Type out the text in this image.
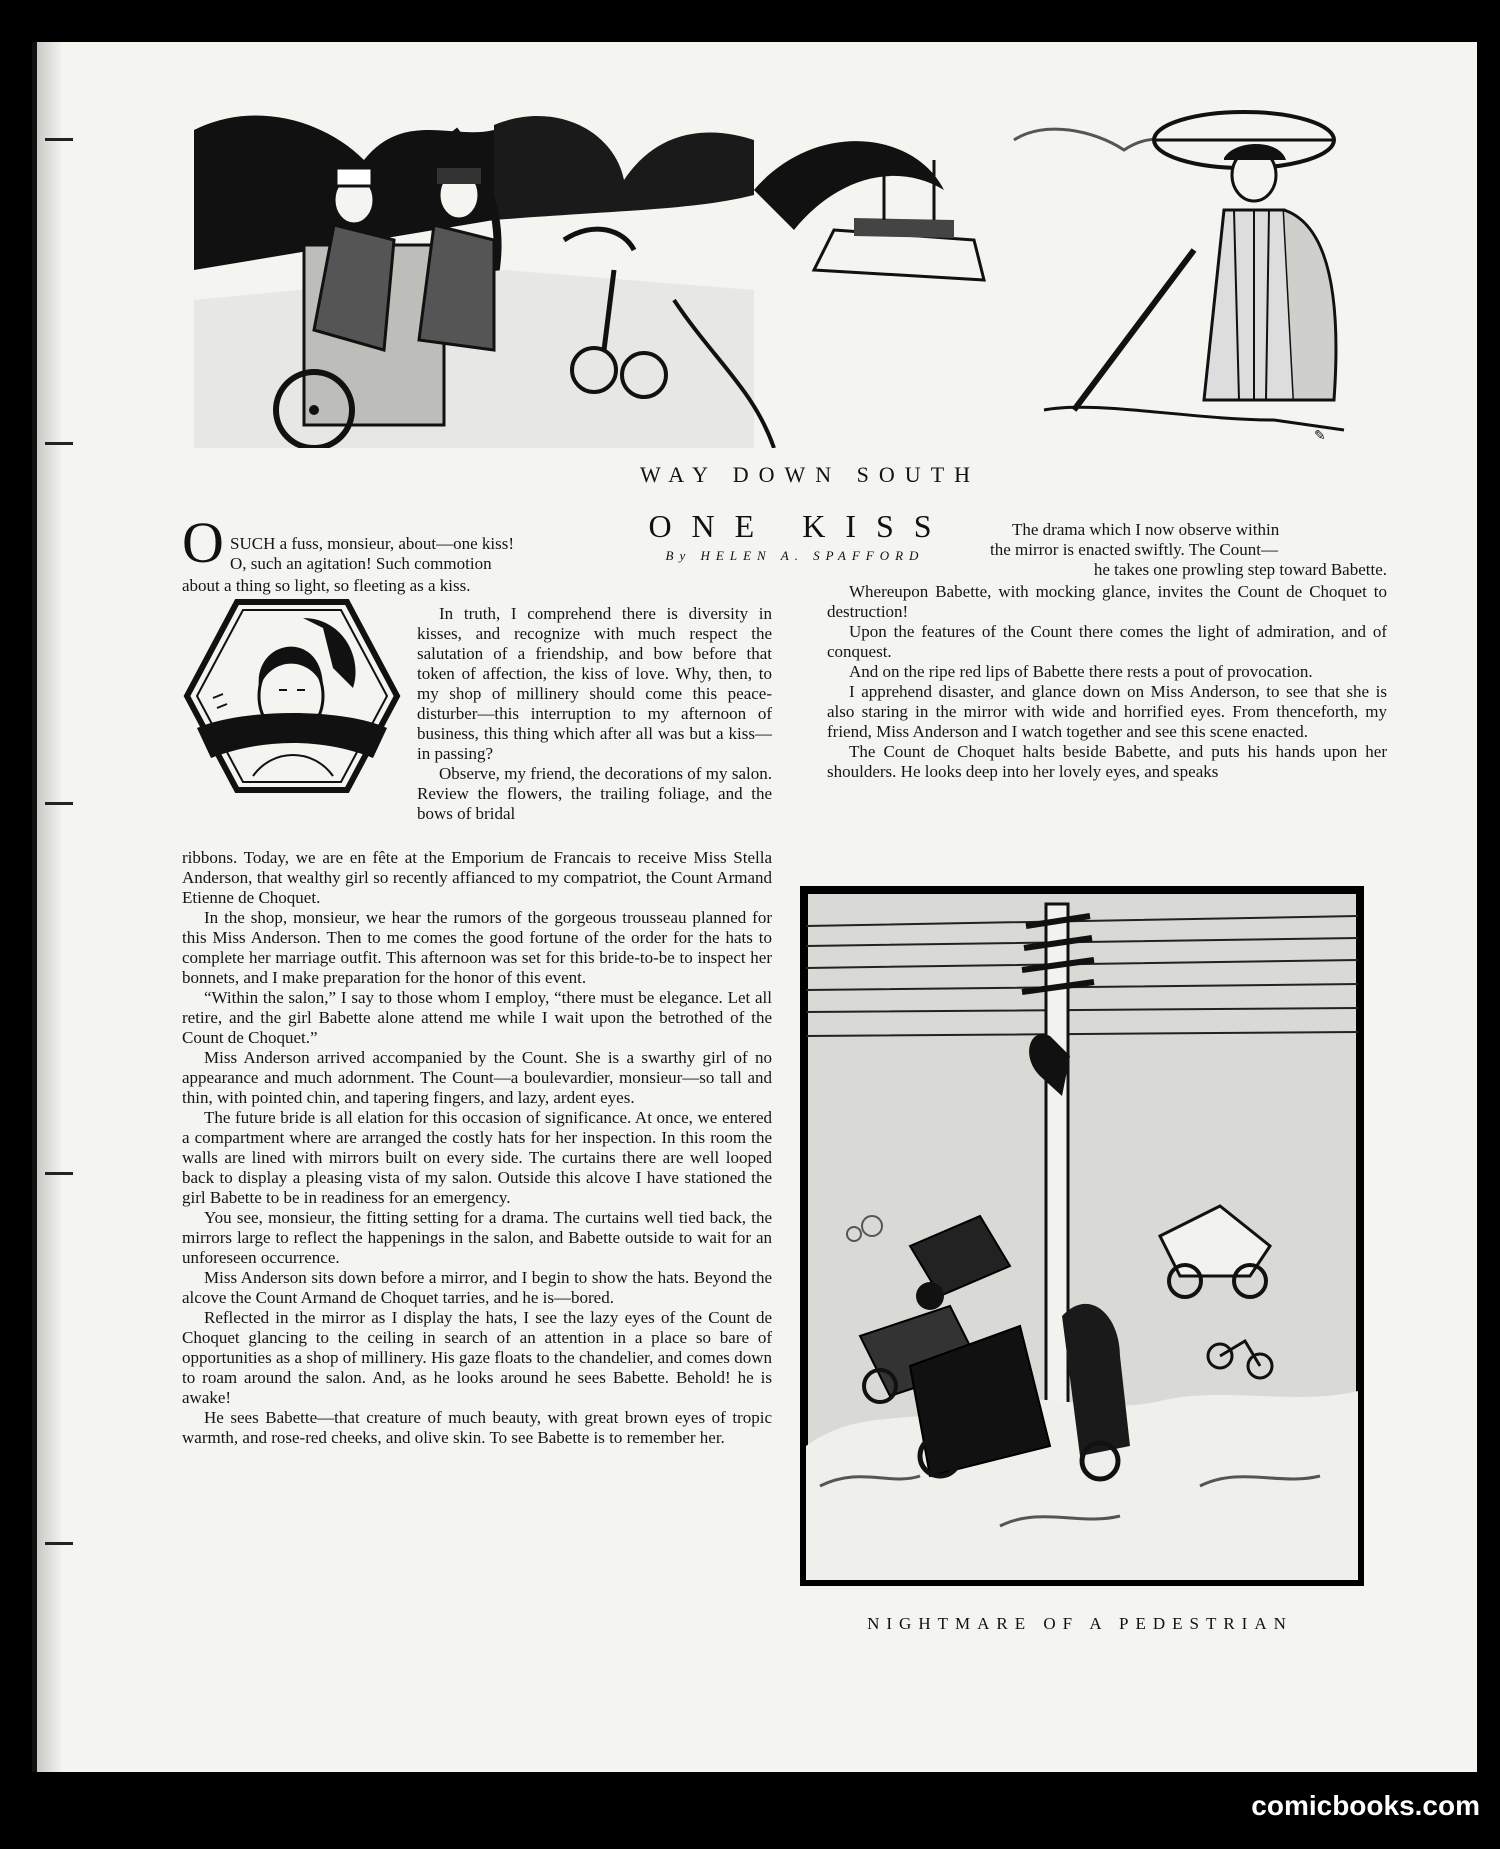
✎
WAY DOWN SOUTH
ONE KISS
By HELEN A. SPAFFORD
O SUCH a fuss, monsieur, about—one kiss!

O, such an agitation! Such commotion

about a thing so light, so fleeting as a kiss.

In truth, I comprehend there is diversity in kisses, and recognize with much respect the salutation of a friendship, and bow before that token of affection, the kiss of love. Why, then, to my shop of millinery should come this peace-disturber—this interruption to my afternoon of business, this thing which after all was but a kiss—in passing?

Observe, my friend, the decorations of my salon. Review the flowers, the trailing foliage, and the bows of bridal

ribbons. Today, we are en fête at the Emporium de Francais to receive Miss Stella Anderson, that wealthy girl so recently affianced to my compatriot, the Count Armand Etienne de Choquet.

In the shop, monsieur, we hear the rumors of the gorgeous trousseau planned for this Miss Anderson. Then to me comes the good fortune of the order for the hats to complete her marriage outfit. This afternoon was set for this bride-to-be to inspect her bonnets, and I make preparation for the honor of this event.

“Within the salon,” I say to those whom I employ, “there must be elegance. Let all retire, and the girl Babette alone attend me while I wait upon the betrothed of the Count de Choquet.”

Miss Anderson arrived accompanied by the Count. She is a swarthy girl of no appearance and much adornment. The Count—a boulevardier, monsieur—so tall and thin, with pointed chin, and tapering fingers, and lazy, ardent eyes.

The future bride is all elation for this occasion of significance. At once, we entered a compartment where are arranged the costly hats for her inspection. In this room the walls are lined with mirrors built on every side. The curtains there are well looped back to display a pleasing vista of my salon. Outside this alcove I have stationed the girl Babette to be in readiness for an emergency.

You see, monsieur, the fitting setting for a drama. The curtains well tied back, the mirrors large to reflect the happenings in the salon, and Babette outside to wait for an unforeseen occurrence.

Miss Anderson sits down before a mirror, and I begin to show the hats. Beyond the alcove the Count Armand de Choquet tarries, and he is—bored.

Reflected in the mirror as I display the hats, I see the lazy eyes of the Count de Choquet glancing to the ceiling in search of an attention in a place so bare of opportunities as a shop of millinery. His gaze floats to the chandelier, and comes down to roam around the salon. And, as he looks around he sees Babette. Behold! he is awake!

He sees Babette—that creature of much beauty, with great brown eyes of tropic warmth, and rose-red cheeks, and olive skin. To see Babette is to remember her.

The drama which I now observe within

the mirror is enacted swiftly. The Count—

he takes one prowling step toward Babette.

Whereupon Babette, with mocking glance, invites the Count de Choquet to destruction!

Upon the features of the Count there comes the light of admiration, and of conquest.

And on the ripe red lips of Babette there rests a pout of provocation.

I apprehend disaster, and glance down on Miss Anderson, to see that she is also staring in the mirror with wide and horrified eyes. From thenceforth, my friend, Miss Anderson and I watch together and see this scene enacted.

The Count de Choquet halts beside Babette, and puts his hands upon her shoulders. He looks deep into her lovely eyes, and speaks

NIGHTMARE OF A PEDESTRIAN
comicbooks.com
